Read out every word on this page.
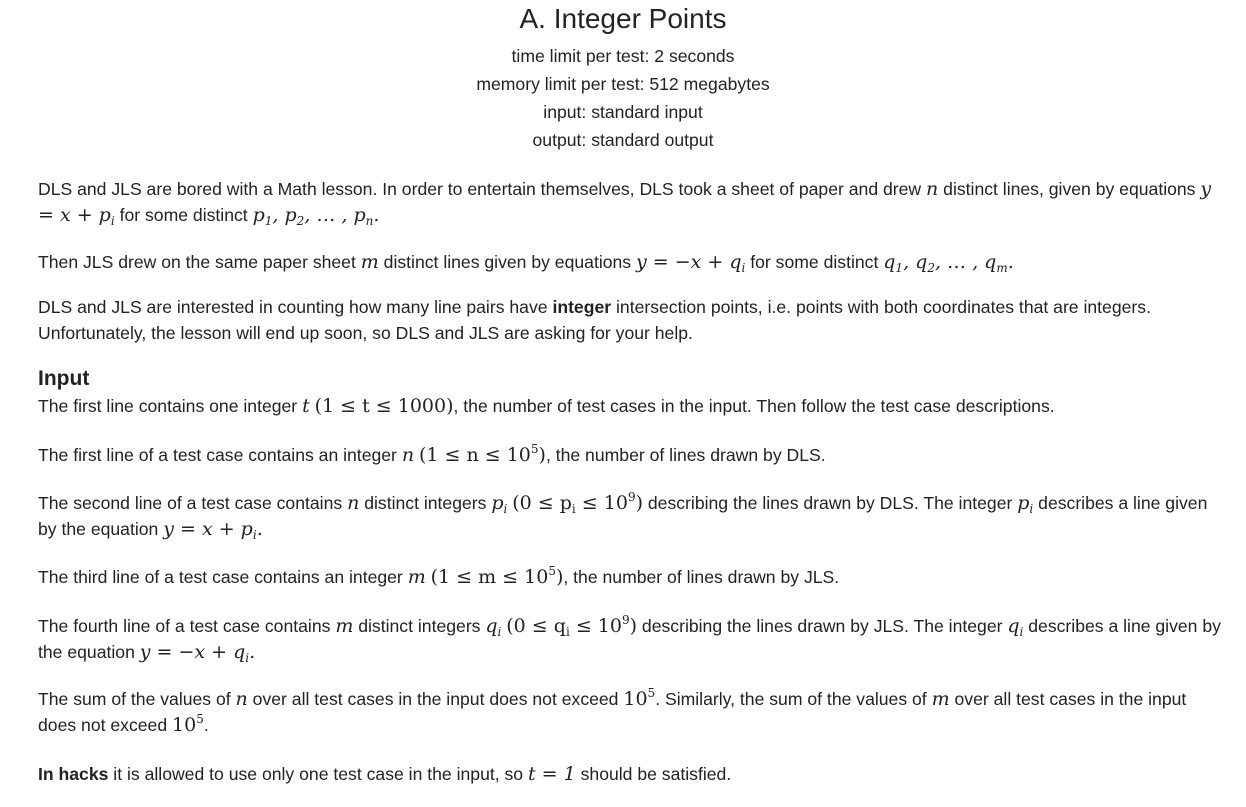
A. Integer Points
time limit per test: 2 seconds
memory limit per test: 512 megabytes
input: standard input
output: standard output

DLS and JLS are bored with a Math lesson. In order to entertain themselves, DLS took a sheet of paper and drew n distinct lines, given by equations $y = x + p_i$ for some distinct $p_1$, $p_2$, … , $p_n$.

Then JLS drew on the same paper sheet m distinct lines given by equations $y = -x + q_i$ for some distinct $q_1$, $q_2$, … , $q_m$.

DLS and JLS are interested in counting how many line pairs have integer intersection points, i.e. points with both coordinates that are integers. Unfortunately, the lesson will end up soon, so DLS and JLS are asking for your help.

Input

The first line contains one integer t (1 ≤ t ≤ 1000), the number of test cases in the input. Then follow the test case descriptions.

The first line of a test case contains an integer n $(1 \le n \le 10^5)$, the number of lines drawn by DLS.

The second line of a test case contains n distinct integers $p_i$ $(0 \le p_i \le 10^9)$ describing the lines drawn by DLS. The integer $p_i$ describes a line given by the equation $y = x + p_i$.

The third line of a test case contains an integer m $(1 \le m \le 10^5)$, the number of lines drawn by JLS.

The fourth line of a test case contains m distinct integers $q_i$ $(0 \le q_i \le 10^9)$ describing the lines drawn by JLS. The integer $q_i$ describes a line given by the equation $y = -x + q_i$.

The sum of the values of n over all test cases in the input does not exceed $10^5$. Similarly, the sum of the values of m over all test cases in the input does not exceed $10^5$.

In hacks it is allowed to use only one test case in the input, so t = 1 should be satisfied.
